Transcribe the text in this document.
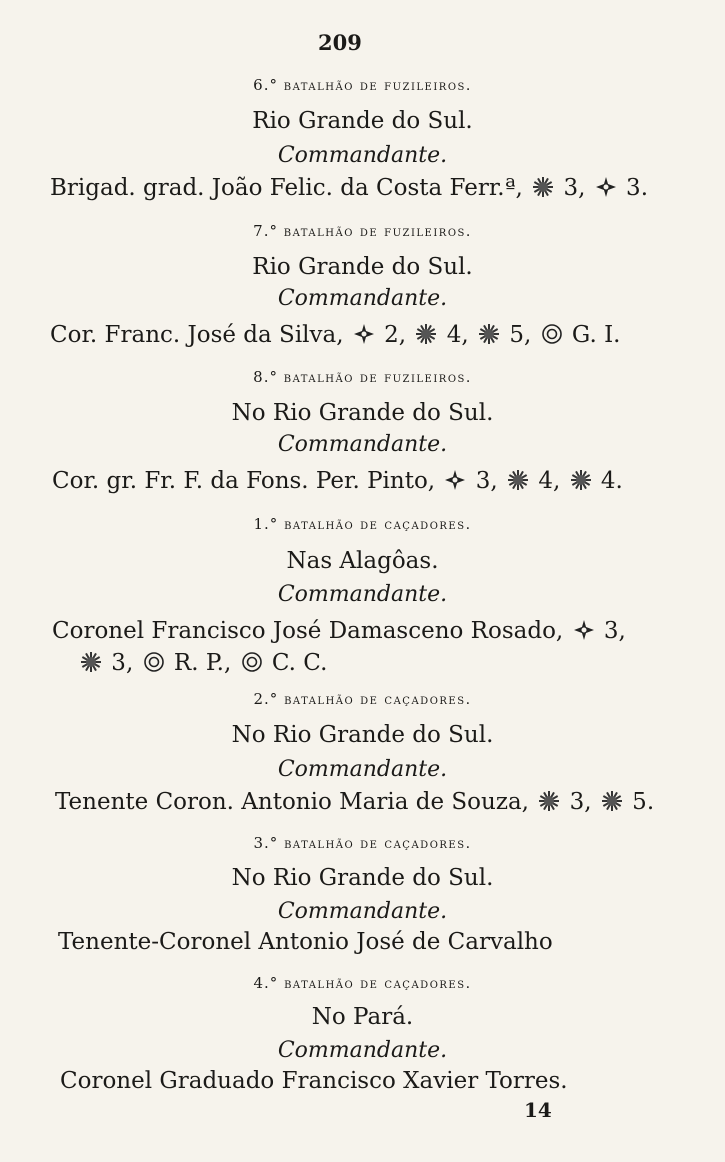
209
6.° batalhão de fuzileiros.
Rio Grande do Sul.
Commandante.
Brigad. grad. João Felic. da Costa Ferr.ª,  3,  3.
7.° batalhão de fuzileiros.
Rio Grande do Sul.
Commandante.
Cor. Franc. José da Silva,  2,  4,  5,  G. I.
8.° batalhão de fuzileiros.
No Rio Grande do Sul.
Commandante.
Cor. gr. Fr. F. da Fons. Per. Pinto,  3,  4,  4.
1.° batalhão de caçadores.
Nas Alagôas.
Commandante.
Coronel Francisco José Damasceno Rosado,  3,
3,  R. P.,  C. C.
2.° batalhão de caçadores.
No Rio Grande do Sul.
Commandante.
Tenente Coron. Antonio Maria de Souza,  3,  5.
3.° batalhão de caçadores.
No Rio Grande do Sul.
Commandante.
Tenente-Coronel Antonio José de Carvalho
4.° batalhão de caçadores.
No Pará.
Commandante.
Coronel Graduado Francisco Xavier Torres.
14
